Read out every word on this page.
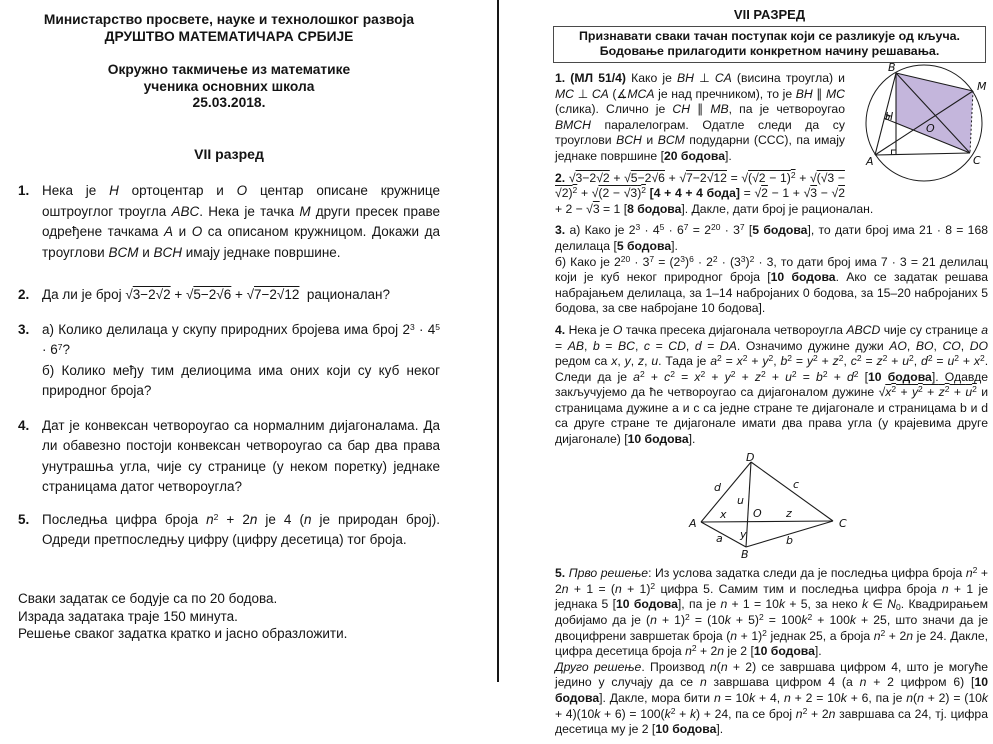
Министарство просвете, науке и технолошког развоја
ДРУШТВО МАТЕМАТИЧАРА СРБИЈЕ
Окружно такмичење из математике
ученика основних школа
25.03.2018.
VII разред
1. Нека је H ортоцентар и O центар описане кружнице оштроуглог троугла ABC. Нека је тачка M други пресек праве одређене тачкама A и O са описаном кружницом. Докажи да троуглови BCM и BCH имају једнаке површине.
2. Да ли је број √3−2√2 + √5−2√6 + √7−2√12  рационалан?
3. а) Колико делилаца у скупу природних бројева има број $2^3 \cdot 4^5 \cdot 6^7$?
б) Колико међу тим делиоцима има оних који су куб неког природног броја?
4. Дат је конвексан четвороугао са нормалним дијагоналама. Да ли обавезно постоји конвексан четвороугао са бар два права унутрашња угла, чије су странице (у неком поретку) једнаке страницама датог четвороугла?
5. Последња цифра броја $n^2 + 2n$ је 4 (n је природан број). Одреди претпоследњу цифру (цифру десетица) тог броја.
Сваки задатак се бодује са по 20 бодова.
Израда задатака траје 150 минута.
Решење сваког задатка кратко и јасно образложити.
VII РАЗРЕД
Признавати сваки тачан поступак који се разликује од кључа.
Бодовање прилагодити конкретном начину решавања.
A
B
C
M
H
O
1. (МЛ 51/4) Како је BH ⊥ CA (висина троугла) и MC ⊥ CA (∡MCA је над пречником), то је BH ∥ MC (слика). Слично је CH ∥ MB, па је четвороугао BMCH паралелограм. Одатле следи да су троуглови BCH и BCM подударни (ССС), па имају једнаке површине [20 бодова].
2. $√3-2√2 + √5-2√6 + √7-2√12 = √(√2 - 1)^2 + √(√3 - √2)^2 + √(2 - √3)^2$ [4 + 4 + 4 бода] = √2 − 1 + √3 − √2 + 2 − √3 = 1 [8 бодова]. Дакле, дати број је рационалан.
3. а) Како је $2^3 \cdot 4^5 \cdot 6^7 = 2^{20} \cdot 3^7$ [5 бодова], то дати број има 21 · 8 = 168 делилаца [5 бодова].
б) Како је $2^{20} \cdot 3^7 = (2^3)^6 \cdot 2^2 \cdot (3^3)^2 \cdot 3$, то дати број има 7 · 3 = 21 делилац који је куб неког природног броја [10 бодова. Ако се задатак решава набрајањем делилаца, за 1–14 набројаних 0 бодова, за 15–20 набројаних 5 бодова, за све набројане 10 бодова].
4. Нека је O тачка пресека дијагонала четвороугла ABCD чије су странице a = AB, b = BC, c = CD, d = DA. Означимо дужине дужи AO, BO, CO, DO редом са x, y, z, u. Тада је $a^2 = x^2 + y^2$, $b^2 = y^2 + z^2$, $c^2 = z^2 + u^2$, $d^2 = u^2 + x^2$. Следи да је $a^2 + c^2 = x^2 + y^2 + z^2 + u^2 = b^2 + d^2$ [10 бодова]. Одавде закључујемо да ће четвороугао са дијагоналом дужине $√x^2 + y^2 + z^2 + u^2$ и страницама дужине a и c са једне стране те дијагонале и страницама b и d са друге стране те дијагонале имати два права угла (у крајевима друге дијагонале) [10 бодова].
D
A	C
B
d	c
u
x O z
y
a	b
5. Прво решење: Из услова задатка следи да је последња цифра броја $n^2 + 2n + 1 = (n + 1)^2$ цифра 5. Самим тим и последња цифра броја n + 1 је једнака 5 [10 бодова], па је n + 1 = 10k + 5, за неко k ∈ $N_0$. Квадрирањем добијамо да је $(n + 1)^2 = (10k + 5)^2 = 100k^2 + 100k + 25$, што значи да је двоцифрени завршетак броја $(n + 1)^2$ једнак 25, а броја $n^2 + 2n$ је 24. Дакле, цифра десетица броја $n^2 + 2n$ је 2 [10 бодова].
Друго решење. Производ n(n + 2) се завршава цифром 4, што је могуће једино у случају да се n завршава цифром 4 (а n + 2 цифром 6) [10 бодова]. Дакле, мора бити n = 10k + 4, n + 2 = 10k + 6, па је $n(n + 2) = (10k + 4)(10k + 6) = 100(k^2 + k) + 24$, па се број $n^2 + 2n$ завршава са 24, тј. цифра десетица му је 2 [10 бодова].
